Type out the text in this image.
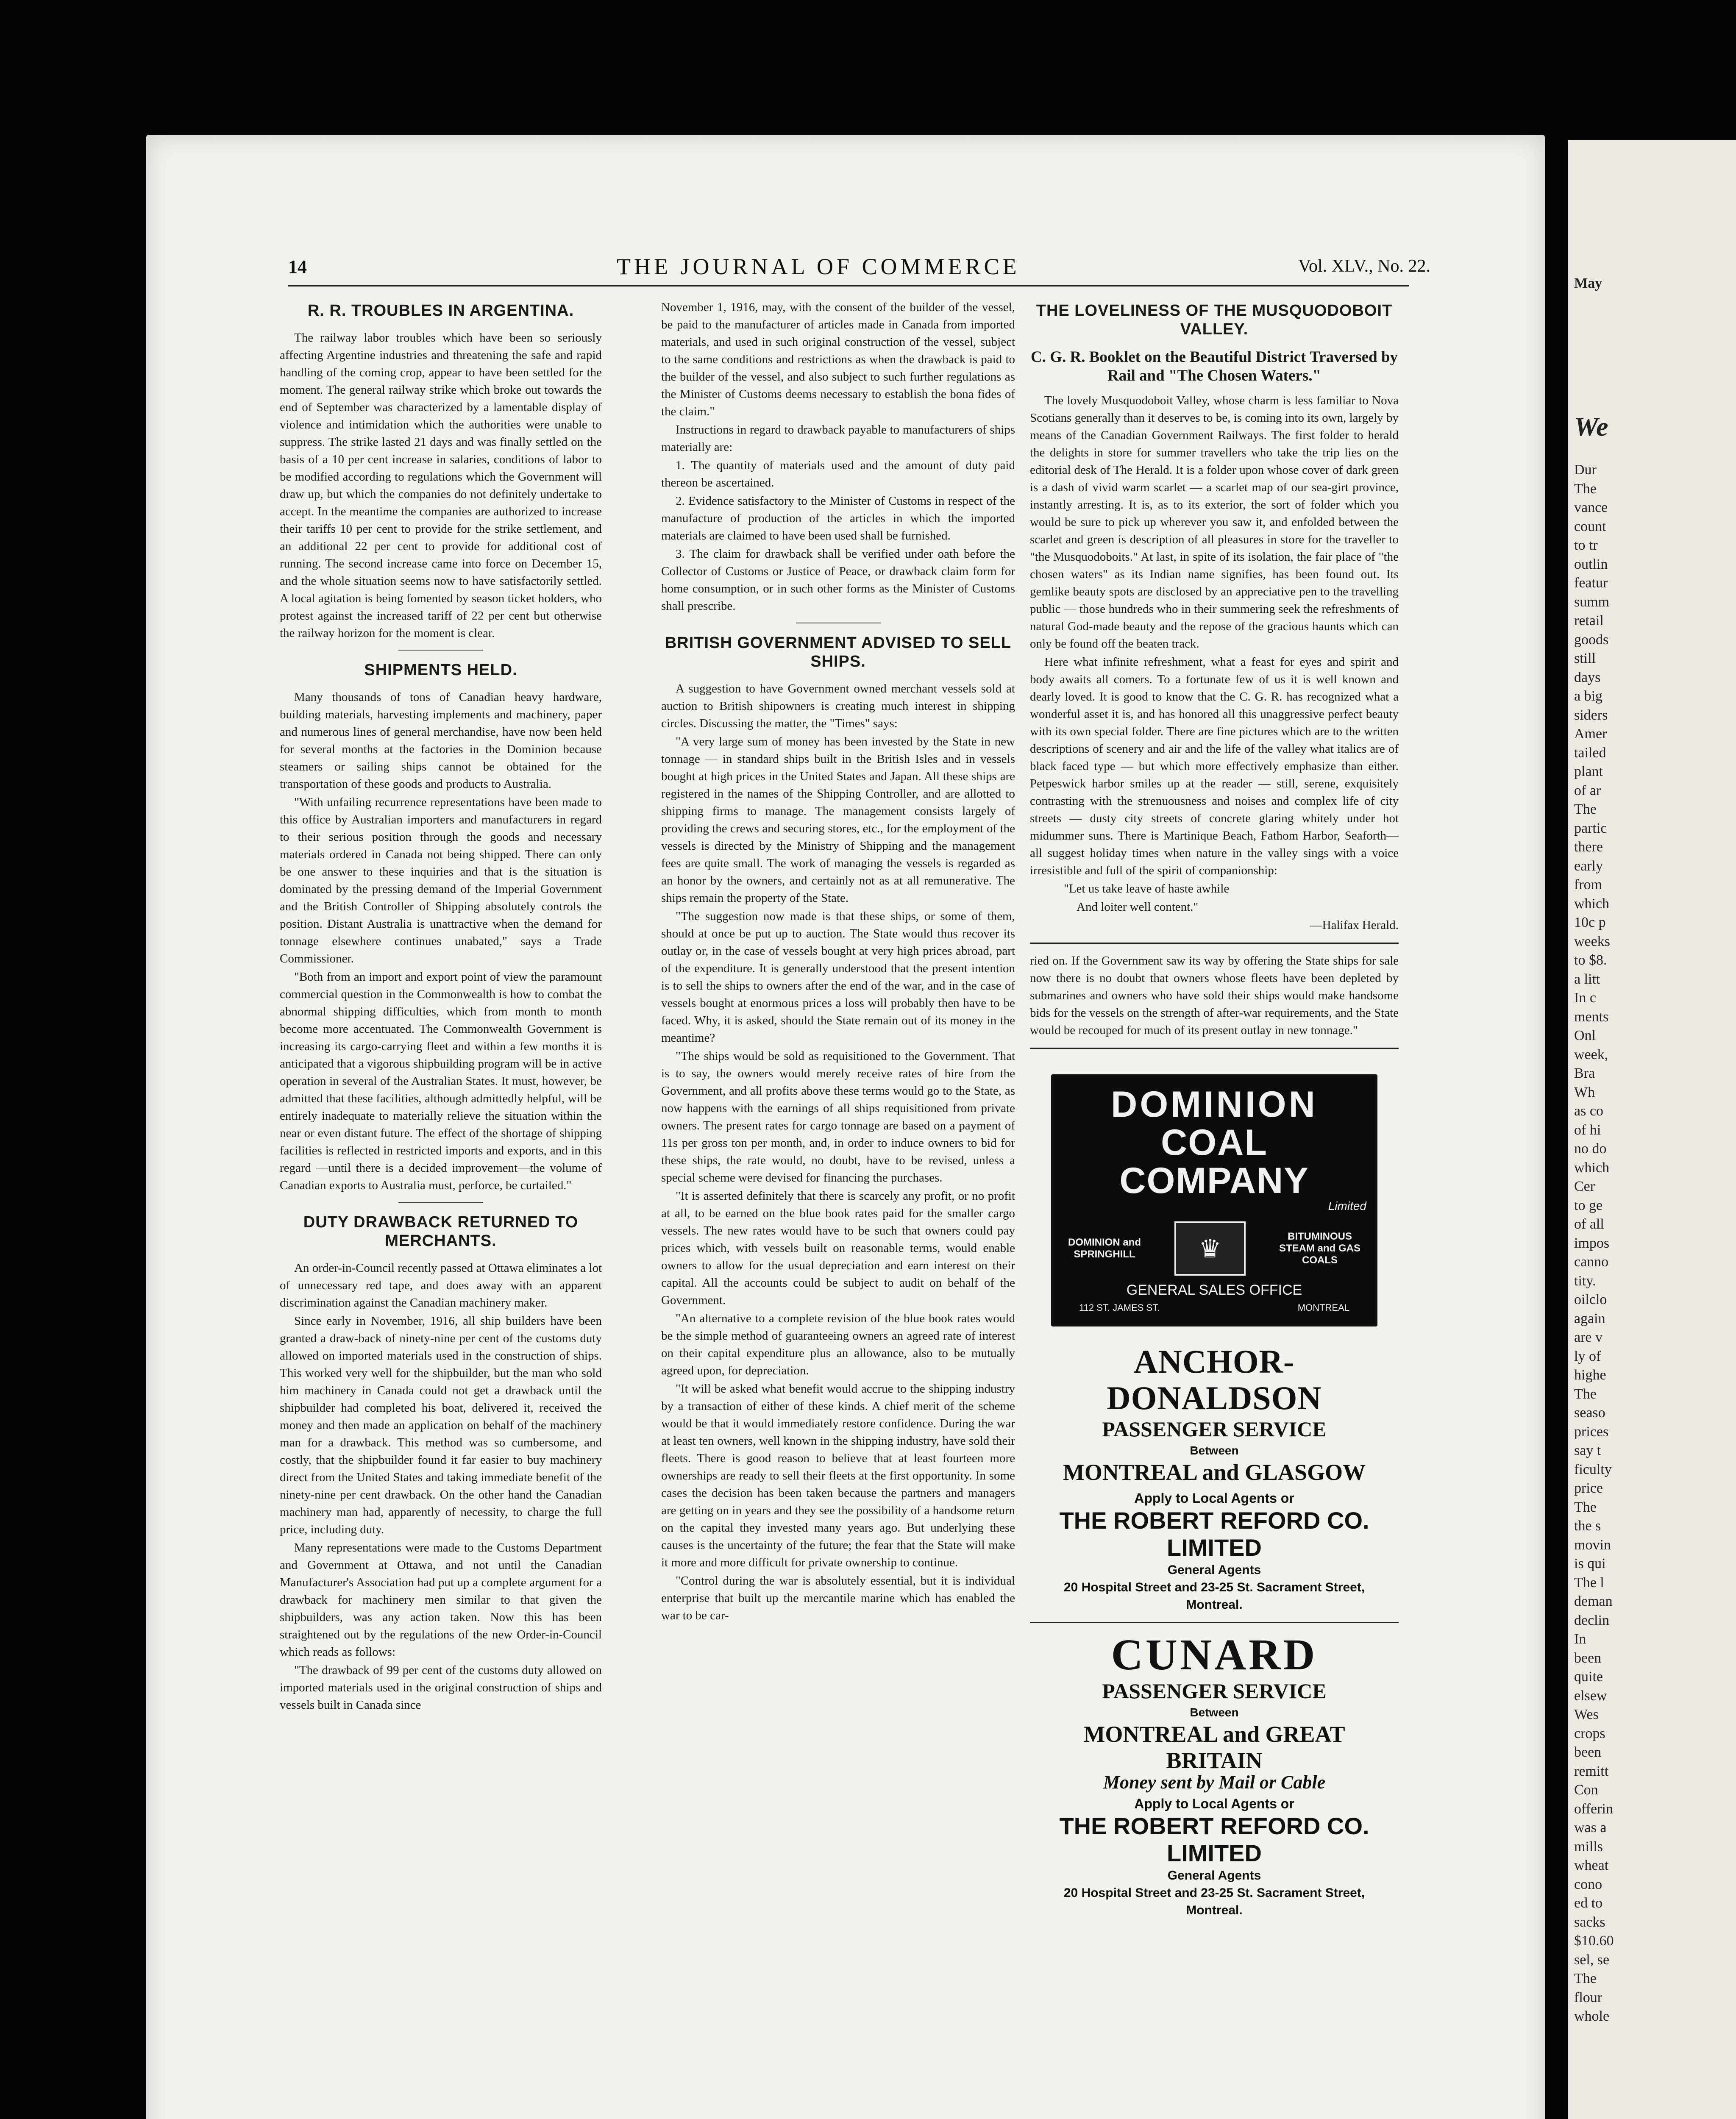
May
We
Dur
The
vance
count
to tr
outlin
featur
summ
retail
goods
still
days
a big
siders
Amer
tailed
plant
of ar
The
partic
there
early
from
which
10c p
weeks
to $8.
a litt
In c
ments
Onl
week,
Bra
Wh
as co
of hi
no do
which
Cer
to ge
of all
impos
canno
tity.
oilclo
again
are v
ly of
highe
The
seaso
prices
say t
ficulty
price
The
the s
movin
is qui
The l
deman
declin
In
been
quite
elsew
Wes
crops
been
remitt
Con
offerin
was a
mills
wheat
cono
ed to
sacks
$10.60
sel, se
The
flour
whole
14	THE JOURNAL OF COMMERCE	Vol. XLV., No. 22.
R. R. TROUBLES IN ARGENTINA.

The railway labor troubles which have been so seriously affecting Argentine industries and threatening the safe and rapid handling of the coming crop, appear to have been settled for the moment. The general railway strike which broke out towards the end of September was characterized by a lamentable display of violence and intimidation which the authorities were unable to suppress. The strike lasted 21 days and was finally settled on the basis of a 10 per cent increase in salaries, conditions of labor to be modified according to regulations which the Government will draw up, but which the companies do not definitely undertake to accept. In the meantime the companies are authorized to increase their tariffs 10 per cent to provide for the strike settlement, and an additional 22 per cent to provide for additional cost of running. The second increase came into force on December 15, and the whole situation seems now to have satisfactorily settled. A local agitation is being fomented by season ticket holders, who protest against the increased tariff of 22 per cent but otherwise the railway horizon for the moment is clear.

SHIPMENTS HELD.

Many thousands of tons of Canadian heavy hardware, building materials, harvesting implements and machinery, paper and numerous lines of general merchandise, have now been held for several months at the factories in the Dominion because steamers or sailing ships cannot be obtained for the transportation of these goods and products to Australia.

"With unfailing recurrence representations have been made to this office by Australian importers and manufacturers in regard to their serious position through the goods and necessary materials ordered in Canada not being shipped. There can only be one answer to these inquiries and that is the situation is dominated by the pressing demand of the Imperial Government and the British Controller of Shipping absolutely controls the position. Distant Australia is unattractive when the demand for tonnage elsewhere continues unabated," says a Trade Commissioner.

"Both from an import and export point of view the paramount commercial question in the Commonwealth is how to combat the abnormal shipping difficulties, which from month to month become more accentuated. The Commonwealth Government is increasing its cargo-carrying fleet and within a few months it is anticipated that a vigorous shipbuilding program will be in active operation in several of the Australian States. It must, however, be admitted that these facilities, although admittedly helpful, will be entirely inadequate to materially relieve the situation within the near or even distant future. The effect of the shortage of shipping facilities is reflected in restricted imports and exports, and in this regard —until there is a decided improvement—the volume of Canadian exports to Australia must, perforce, be curtailed."

DUTY DRAWBACK RETURNED TO MERCHANTS.

An order-in-Council recently passed at Ottawa eliminates a lot of unnecessary red tape, and does away with an apparent discrimination against the Canadian machinery maker.

Since early in November, 1916, all ship builders have been granted a draw-back of ninety-nine per cent of the customs duty allowed on imported materials used in the construction of ships. This worked very well for the shipbuilder, but the man who sold him machinery in Canada could not get a drawback until the shipbuilder had completed his boat, delivered it, received the money and then made an application on behalf of the machinery man for a drawback. This method was so cumbersome, and costly, that the shipbuilder found it far easier to buy machinery direct from the United States and taking immediate benefit of the ninety-nine per cent drawback. On the other hand the Canadian machinery man had, apparently of necessity, to charge the full price, including duty.

Many representations were made to the Customs Department and Government at Ottawa, and not until the Canadian Manufacturer's Association had put up a complete argument for a drawback for machinery men similar to that given the shipbuilders, was any action taken. Now this has been straightened out by the regulations of the new Order-in-Council which reads as follows:

"The drawback of 99 per cent of the customs duty allowed on imported materials used in the original construction of ships and vessels built in Canada since

November 1, 1916, may, with the consent of the builder of the vessel, be paid to the manufacturer of articles made in Canada from imported materials, and used in such original construction of the vessel, subject to the same conditions and restrictions as when the drawback is paid to the builder of the vessel, and also subject to such further regulations as the Minister of Customs deems necessary to establish the bona fides of the claim."

Instructions in regard to drawback payable to manufacturers of ships materially are:

1. The quantity of materials used and the amount of duty paid thereon be ascertained.

2. Evidence satisfactory to the Minister of Customs in respect of the manufacture of production of the articles in which the imported materials are claimed to have been used shall be furnished.

3. The claim for drawback shall be verified under oath before the Collector of Customs or Justice of Peace, or drawback claim form for home consumption, or in such other forms as the Minister of Customs shall prescribe.

BRITISH GOVERNMENT ADVISED TO SELL SHIPS.

A suggestion to have Government owned merchant vessels sold at auction to British shipowners is creating much interest in shipping circles. Discussing the matter, the "Times" says:

"A very large sum of money has been invested by the State in new tonnage — in standard ships built in the British Isles and in vessels bought at high prices in the United States and Japan. All these ships are registered in the names of the Shipping Controller, and are allotted to shipping firms to manage. The management consists largely of providing the crews and securing stores, etc., for the employment of the vessels is directed by the Ministry of Shipping and the management fees are quite small. The work of managing the vessels is regarded as an honor by the owners, and certainly not as at all remunerative. The ships remain the property of the State.

"The suggestion now made is that these ships, or some of them, should at once be put up to auction. The State would thus recover its outlay or, in the case of vessels bought at very high prices abroad, part of the expenditure. It is generally understood that the present intention is to sell the ships to owners after the end of the war, and in the case of vessels bought at enormous prices a loss will probably then have to be faced. Why, it is asked, should the State remain out of its money in the meantime?

"The ships would be sold as requisitioned to the Government. That is to say, the owners would merely receive rates of hire from the Government, and all profits above these terms would go to the State, as now happens with the earnings of all ships requisitioned from private owners. The present rates for cargo tonnage are based on a payment of 11s per gross ton per month, and, in order to induce owners to bid for these ships, the rate would, no doubt, have to be revised, unless a special scheme were devised for financing the purchases.

"It is asserted definitely that there is scarcely any profit, or no profit at all, to be earned on the blue book rates paid for the smaller cargo vessels. The new rates would have to be such that owners could pay prices which, with vessels built on reasonable terms, would enable owners to allow for the usual depreciation and earn interest on their capital. All the accounts could be subject to audit on behalf of the Government.

"An alternative to a complete revision of the blue book rates would be the simple method of guaranteeing owners an agreed rate of interest on their capital expenditure plus an allowance, also to be mutually agreed upon, for depreciation.

"It will be asked what benefit would accrue to the shipping industry by a transaction of either of these kinds. A chief merit of the scheme would be that it would immediately restore confidence. During the war at least ten owners, well known in the shipping industry, have sold their fleets. There is good reason to believe that at least fourteen more ownerships are ready to sell their fleets at the first opportunity. In some cases the decision has been taken because the partners and managers are getting on in years and they see the possibility of a handsome return on the capital they invested many years ago. But underlying these causes is the uncertainty of the future; the fear that the State will make it more and more difficult for private ownership to continue.

"Control during the war is absolutely essential, but it is individual enterprise that built up the mercantile marine which has enabled the war to be car-

THE LOVELINESS OF THE MUSQUODOBOIT VALLEY.
C. G. R. Booklet on the Beautiful District Traversed by Rail and "The Chosen Waters."

The lovely Musquodoboit Valley, whose charm is less familiar to Nova Scotians generally than it deserves to be, is coming into its own, largely by means of the Canadian Government Railways. The first folder to herald the delights in store for summer travellers who take the trip lies on the editorial desk of The Herald. It is a folder upon whose cover of dark green is a dash of vivid warm scarlet — a scarlet map of our sea-girt province, instantly arresting. It is, as to its exterior, the sort of folder which you would be sure to pick up wherever you saw it, and enfolded between the scarlet and green is description of all pleasures in store for the traveller to "the Musquodoboits." At last, in spite of its isolation, the fair place of "the chosen waters" as its Indian name signifies, has been found out. Its gemlike beauty spots are disclosed by an appreciative pen to the travelling public — those hundreds who in their summering seek the refreshments of natural God-made beauty and the repose of the gracious haunts which can only be found off the beaten track.

Here what infinite refreshment, what a feast for eyes and spirit and body awaits all comers. To a fortunate few of us it is well known and dearly loved. It is good to know that the C. G. R. has recognized what a wonderful asset it is, and has honored all this unaggressive perfect beauty with its own special folder. There are fine pictures which are to the written descriptions of scenery and air and the life of the valley what italics are of black faced type — but which more effectively emphasize than either. Petpeswick harbor smiles up at the reader — still, serene, exquisitely contrasting with the strenuousness and noises and complex life of city streets — dusty city streets of concrete glaring whitely under hot midummer suns. There is Martinique Beach, Fathom Harbor, Seaforth—all suggest holiday times when nature in the valley sings with a voice irresistible and full of the spirit of companionship:

"Let us take leave of haste awhile

And loiter well content."

—Halifax Herald.

ried on. If the Government saw its way by offering the State ships for sale now there is no doubt that owners whose fleets have been depleted by submarines and owners who have sold their ships would make handsome bids for the vessels on the strength of after-war requirements, and the State would be recouped for much of its present outlay in new tonnage."

DOMINION
COAL COMPANY
Limited
DOMINION and SPRINGHILL	♛	BITUMINOUS STEAM and GAS COALS
GENERAL SALES OFFICE
112 ST. JAMES ST.	MONTREAL
ANCHOR-DONALDSON
PASSENGER SERVICE
Between
MONTREAL and GLASGOW
Apply to Local Agents or
THE ROBERT REFORD CO. LIMITED
General Agents
20 Hospital Street and 23-25 St. Sacrament Street,
Montreal.
CUNARD
PASSENGER SERVICE
Between
MONTREAL and GREAT BRITAIN
Money sent by Mail or Cable
Apply to Local Agents or
THE ROBERT REFORD CO. LIMITED
General Agents
20 Hospital Street and 23-25 St. Sacrament Street,
Montreal.
